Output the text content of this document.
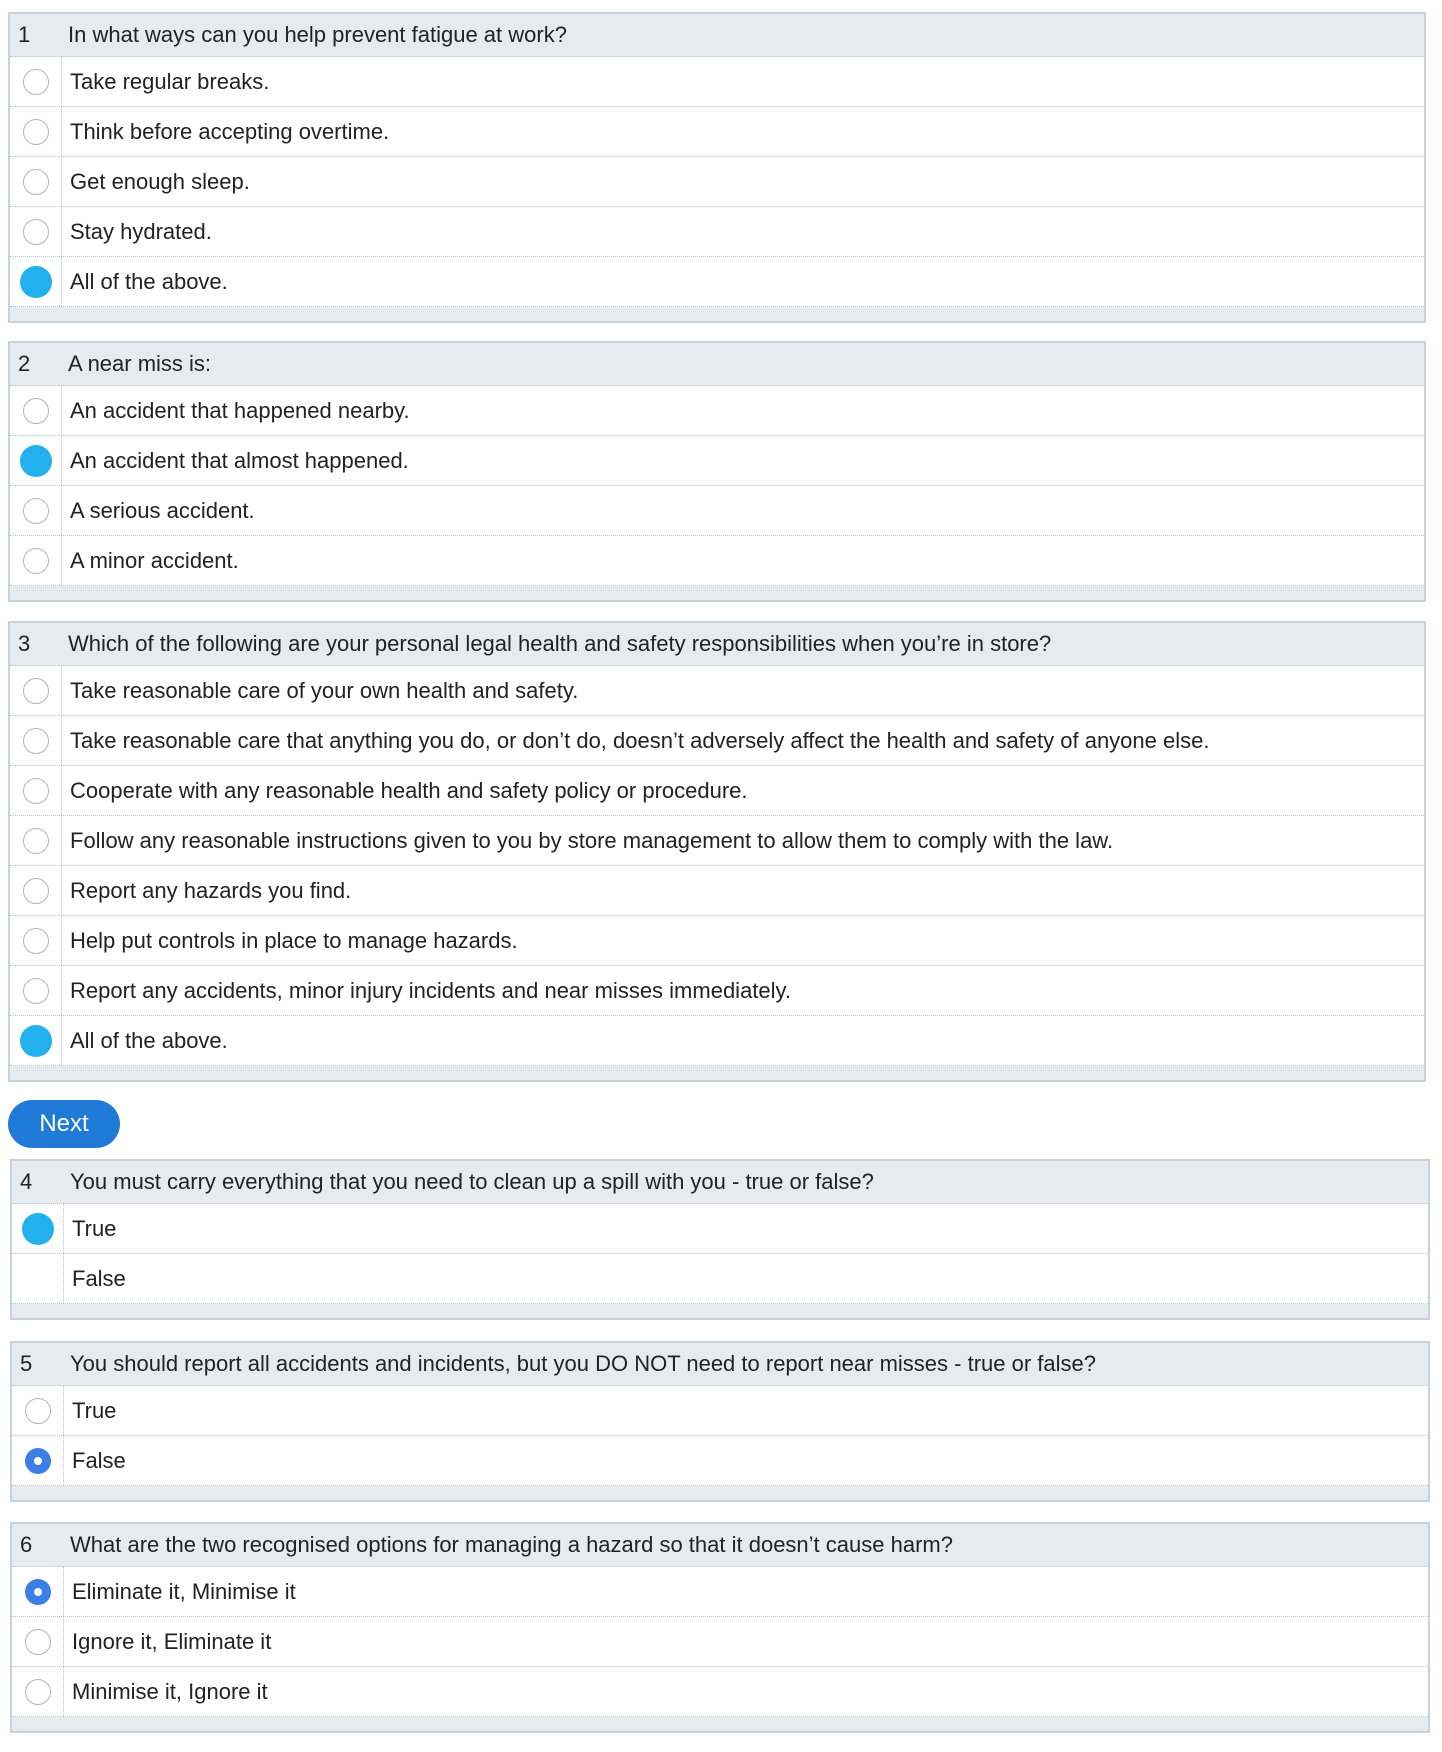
1	In what ways can you help prevent fatigue at work?
Take regular breaks.
Think before accepting overtime.
Get enough sleep.
Stay hydrated.
All of the above.
2	A near miss is:
An accident that happened nearby.
An accident that almost happened.
A serious accident.
A minor accident.
3	Which of the following are your personal legal health and safety responsibilities when you’re in store?
Take reasonable care of your own health and safety.
Take reasonable care that anything you do, or don’t do, doesn’t adversely affect the health and safety of anyone else.
Cooperate with any reasonable health and safety policy or procedure.
Follow any reasonable instructions given to you by store management to allow them to comply with the law.
Report any hazards you find.
Help put controls in place to manage hazards.
Report any accidents, minor injury incidents and near misses immediately.
All of the above.
Next
4	You must carry everything that you need to clean up a spill with you - true or false?
True
False
5	You should report all accidents and incidents, but you DO NOT need to report near misses - true or false?
True
False
6	What are the two recognised options for managing a hazard so that it doesn’t cause harm?
Eliminate it, Minimise it
Ignore it, Eliminate it
Minimise it, Ignore it
